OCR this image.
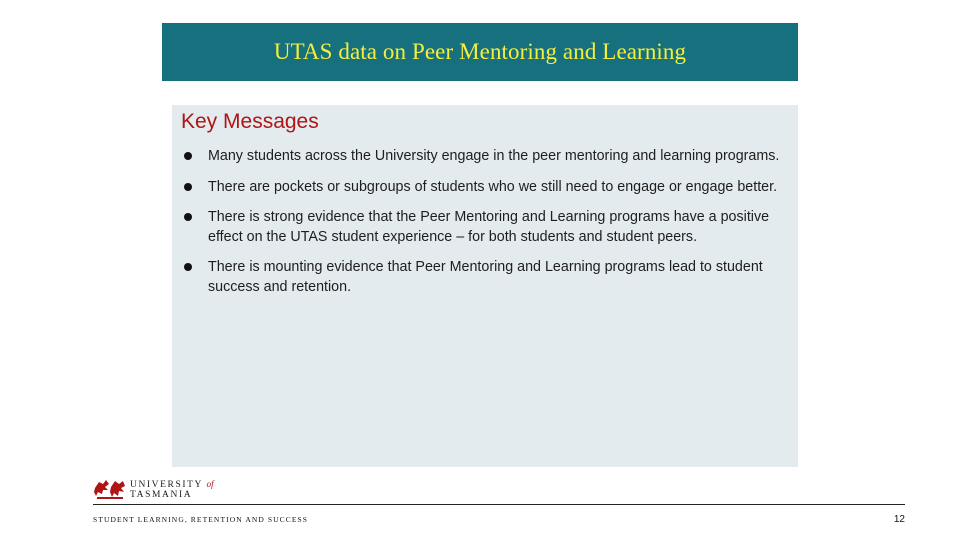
UTAS data on Peer Mentoring and Learning
Key Messages
Many students across the University engage in the peer mentoring and learning programs.
There are pockets or subgroups of students who we still need to engage or engage better.
There is strong evidence that the Peer Mentoring and Learning programs have a positive effect on the UTAS student experience – for both students and student peers.
There is mounting evidence that Peer Mentoring and Learning programs lead to student success and retention.
UNIVERSITY of
TASMANIA
STUDENT LEARNING, RETENTION AND SUCCESS	12
